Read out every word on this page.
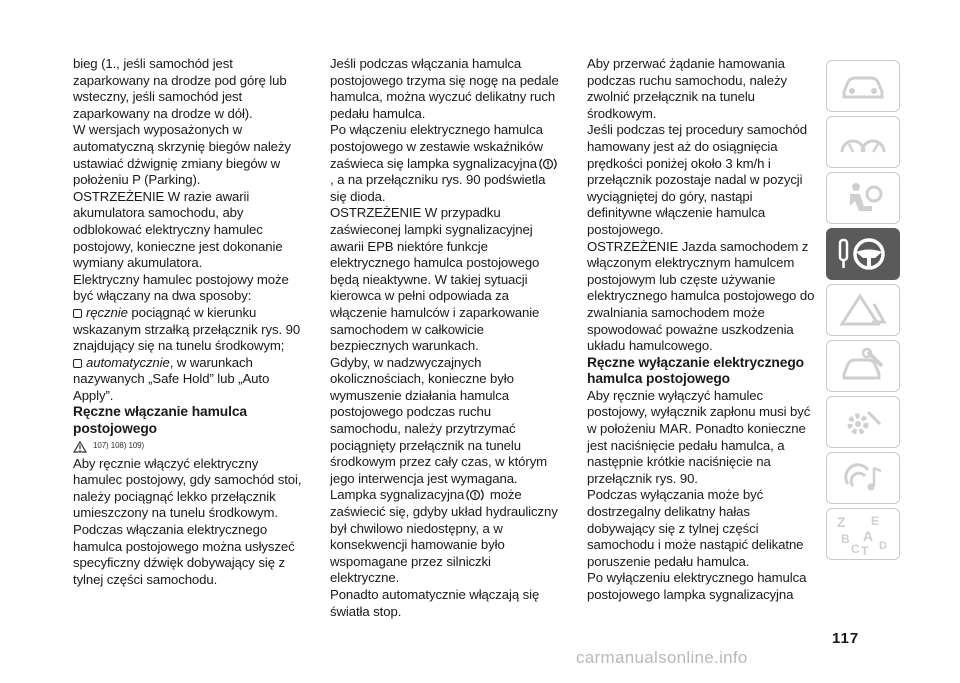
bieg (1., jeśli samochód jest zaparkowany na drodze pod górę lub wsteczny, jeśli samochód jest zaparkowany na drodze w dół).

W wersjach wyposażonych w automatyczną skrzynię biegów należy ustawiać dźwignię zmiany biegów w położeniu P (Parking).

OSTRZEŻENIE W razie awarii akumulatora samochodu, aby odblokować elektryczny hamulec postojowy, konieczne jest dokonanie wymiany akumulatora.

Elektryczny hamulec postojowy może być włączany na dwa sposoby:

ręcznie pociągnąć w kierunku wskazanym strzałką przełącznik rys. 90 znajdujący się na tunelu środkowym;

automatycznie, w warunkach nazywanych „Safe Hold” lub „Auto Apply”.

Ręczne włączanie hamulca postojowego
107) 108) 109)

Aby ręcznie włączyć elektryczny hamulec postojowy, gdy samochód stoi, należy pociągnąć lekko przełącznik umieszczony na tunelu środkowym.

Podczas włączania elektrycznego hamulca postojowego można usłyszeć specyficzny dźwięk dobywający się z tylnej części samochodu.

Jeśli podczas włączania hamulca postojowego trzyma się nogę na pedale hamulca, można wyczuć delikatny ruch pedału hamulca.

Po włączeniu elektrycznego hamulca postojowego w zestawie wskaźników zaświeca się lampka sygnalizacyjna, a na przełączniku rys. 90 podświetla się dioda.

OSTRZEŻENIE W przypadku zaświeconej lampki sygnalizacyjnej awarii EPB niektóre funkcje elektrycznego hamulca postojowego będą nieaktywne. W takiej sytuacji kierowca w pełni odpowiada za włączenie hamulców i zaparkowanie samochodem w całkowicie bezpiecznych warunkach.

Gdyby, w nadzwyczajnych okolicznościach, konieczne było wymuszenie działania hamulca postojowego podczas ruchu samochodu, należy przytrzymać pociągnięty przełącznik na tunelu środkowym przez cały czas, w którym jego interwencja jest wymagana.

Lampka sygnalizacyjna może zaświecić się, gdyby układ hydrauliczny był chwilowo niedostępny, a w konsekwencji hamowanie było wspomagane przez silniczki elektryczne.

Ponadto automatycznie włączają się światła stop.

Aby przerwać żądanie hamowania podczas ruchu samochodu, należy zwolnić przełącznik na tunelu środkowym.

Jeśli podczas tej procedury samochód hamowany jest aż do osiągnięcia prędkości poniżej około 3 km/h i przełącznik pozostaje nadal w pozycji wyciągniętej do góry, nastąpi definitywne włączenie hamulca postojowego.

OSTRZEŻENIE Jazda samochodem z włączonym elektrycznym hamulcem postojowym lub częste używanie elektrycznego hamulca postojowego do zwalniania samochodem może spowodować poważne uszkodzenia układu hamulcowego.

Ręczne wyłączanie elektrycznego hamulca postojowego

Aby ręcznie wyłączyć hamulec postojowy, wyłącznik zapłonu musi być w położeniu MAR. Ponadto konieczne jest naciśnięcie pedału hamulca, a następnie krótkie naciśnięcie na przełącznik rys. 90.

Podczas wyłączania może być dostrzegalny delikatny hałas dobywający się z tylnej części samochodu i może nastąpić delikatne poruszenie pedału hamulca.

Po wyłączeniu elektrycznego hamulca postojowego lampka sygnalizacyjna

Z E
B A
C T D
117
carmanualsonline.info
